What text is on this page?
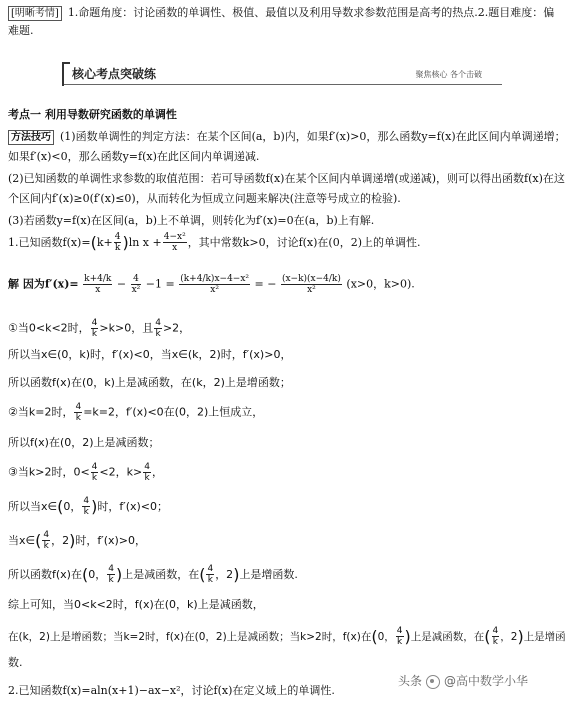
[明晰考情] 1.命题角度：讨论函数的单调性、极值、最值以及利用导数求参数范围是高考的热点.2.题目难度：偏
难题.
核心考点突破练	聚焦核心 各个击破
考点一 利用导数研究函数的单调性
方法技巧 (1)函数单调性的判定方法：在某个区间(a，b)内，如果f′(x)>0，那么函数y=f(x)在此区间内单调递增；
如果f′(x)<0，那么函数y=f(x)在此区间内单调递减.
(2)已知函数的单调性求参数的取值范围：若可导函数f(x)在某个区间内单调递增(或递减)，则可以得出函数f(x)在这
个区间内f′(x)≥0(f′(x)≤0)，从而转化为恒成立问题来解决(注意等号成立的检验).
(3)若函数y=f(x)在区间(a，b)上不单调，则转化为f′(x)=0在(a，b)上有解.
1.已知函数$f(x)=(k+ \frac{4}{k} )\ln$ $x + \frac{\text{4−x²}}{x}$ ，其中常数k>0，讨论f(x)在(0，2)上的单调性.
解 因为$f'(x)= \frac{k+4/k}{x} - \frac{4}{\text{x²}} -1 = \frac{\text{(k+4/k)x−4−x²}}{\text{x²}}$ = − $\frac{(x-k)(x-4/k)}{\text{x²}} (x>0$，k>0).
①当0<k<2时， $\frac{4}{k} >k>0$，且 $\frac{4}{k} >2$，
所以当x∈(0，k)时，f′(x)<0，当x∈(k，2)时，f′(x)>0，
所以函数f(x)在(0，k)上是减函数，在(k，2)上是增函数；
②当k=2时， $\frac{4}{k} =k=2$，f′(x)<0在(0，2)上恒成立，
所以f(x)在(0，2)上是减函数；
③当k>2时，$0< \frac{4}{k} <2$，$k> \frac{4}{k}$ ，
所以当x∈(0， $\frac{4}{k}$ )时，f′(x)<0；
当x∈( $\frac{4}{k}$ ，2)时，f′(x)>0，
所以函数f(x)在(0， $\frac{4}{k}$ )上是减函数，在( $\frac{4}{k}$ ，2)上是增函数.
综上可知，当0<k<2时，f(x)在(0，k)上是减函数，
在(k，2)上是增函数；当k=2时，f(x)在(0，2)上是减函数；当k>2时，f(x)在(0， $\frac{4}{k}$ )上是减函数，在( $\frac{4}{k}$ ，2)上是增函
数.
2.已知函数f(x)=aln(x+1)−ax−x²，讨论f(x)在定义域上的单调性.
头条 @高中数学小华
